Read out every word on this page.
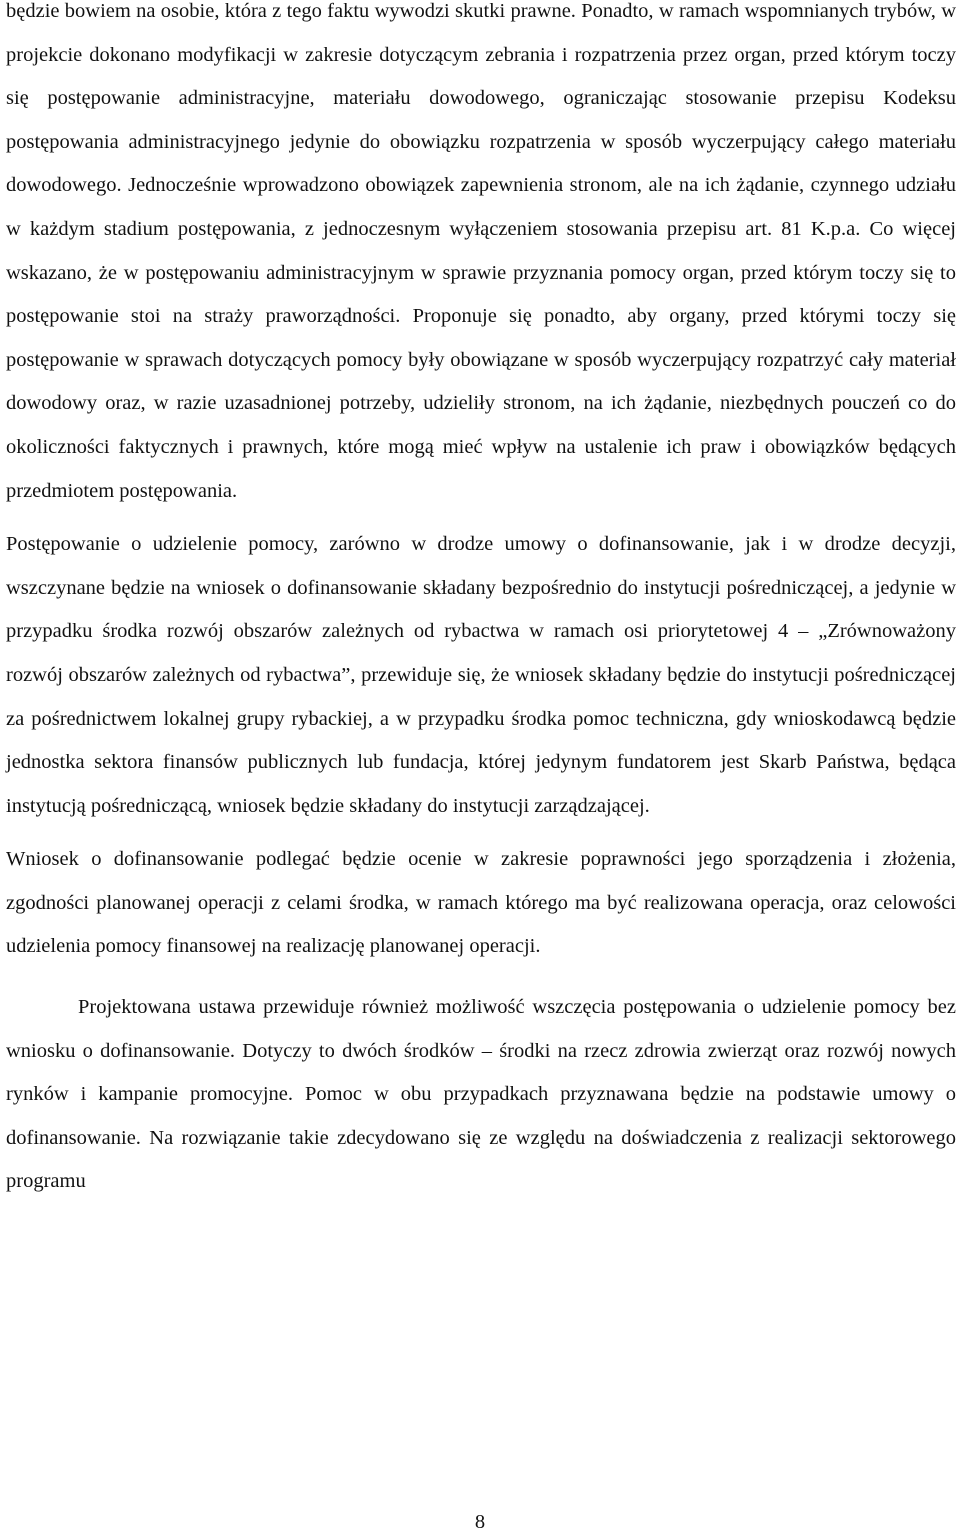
będzie bowiem na osobie, która z tego faktu wywodzi skutki prawne. Ponadto, w ramach wspomnianych trybów, w projekcie dokonano modyfikacji w zakresie dotyczącym zebrania i rozpatrzenia przez organ, przed którym toczy się postępowanie administracyjne, materiału dowodowego, ograniczając stosowanie przepisu Kodeksu postępowania administracyjnego jedynie do obowiązku rozpatrzenia w sposób wyczerpujący całego materiału dowodowego. Jednocześnie wprowadzono obowiązek zapewnienia stronom, ale na ich żądanie, czynnego udziału w każdym stadium postępowania, z jednoczesnym wyłączeniem stosowania przepisu art. 81 K.p.a. Co więcej wskazano, że w postępowaniu administracyjnym w sprawie przyznania pomocy organ, przed którym toczy się to postępowanie stoi na straży praworządności. Proponuje się ponadto, aby organy, przed którymi toczy się postępowanie w sprawach dotyczących pomocy były obowiązane w sposób wyczerpujący rozpatrzyć cały materiał dowodowy oraz, w razie uzasadnionej potrzeby, udzieliły stronom, na ich żądanie, niezbędnych pouczeń co do okoliczności faktycznych i prawnych, które mogą mieć wpływ na ustalenie ich praw i obowiązków będących przedmiotem postępowania.

Postępowanie o udzielenie pomocy, zarówno w drodze umowy o dofinansowanie, jak i w drodze decyzji, wszczynane będzie na wniosek o dofinansowanie składany bezpośrednio do instytucji pośredniczącej, a jedynie w przypadku środka rozwój obszarów zależnych od rybactwa w ramach osi priorytetowej 4 – „Zrównoważony rozwój obszarów zależnych od rybactwa”, przewiduje się, że wniosek składany będzie do instytucji pośredniczącej za pośrednictwem lokalnej grupy rybackiej, a w przypadku środka pomoc techniczna, gdy wnioskodawcą będzie jednostka sektora finansów publicznych lub fundacja, której jedynym fundatorem jest Skarb Państwa, będąca instytucją pośredniczącą, wniosek będzie składany do instytucji zarządzającej.

Wniosek o dofinansowanie podlegać będzie ocenie w zakresie poprawności jego sporządzenia i złożenia, zgodności planowanej operacji z celami środka, w ramach którego ma być realizowana operacja, oraz celowości udzielenia pomocy finansowej na realizację planowanej operacji.

Projektowana ustawa przewiduje również możliwość wszczęcia postępowania o udzielenie pomocy bez wniosku o dofinansowanie. Dotyczy to dwóch środków – środki na rzecz zdrowia zwierząt oraz rozwój nowych rynków i kampanie promocyjne. Pomoc w obu przypadkach przyznawana będzie na podstawie umowy o dofinansowanie. Na rozwiązanie takie zdecydowano się ze względu na doświadczenia z realizacji sektorowego programu

8
